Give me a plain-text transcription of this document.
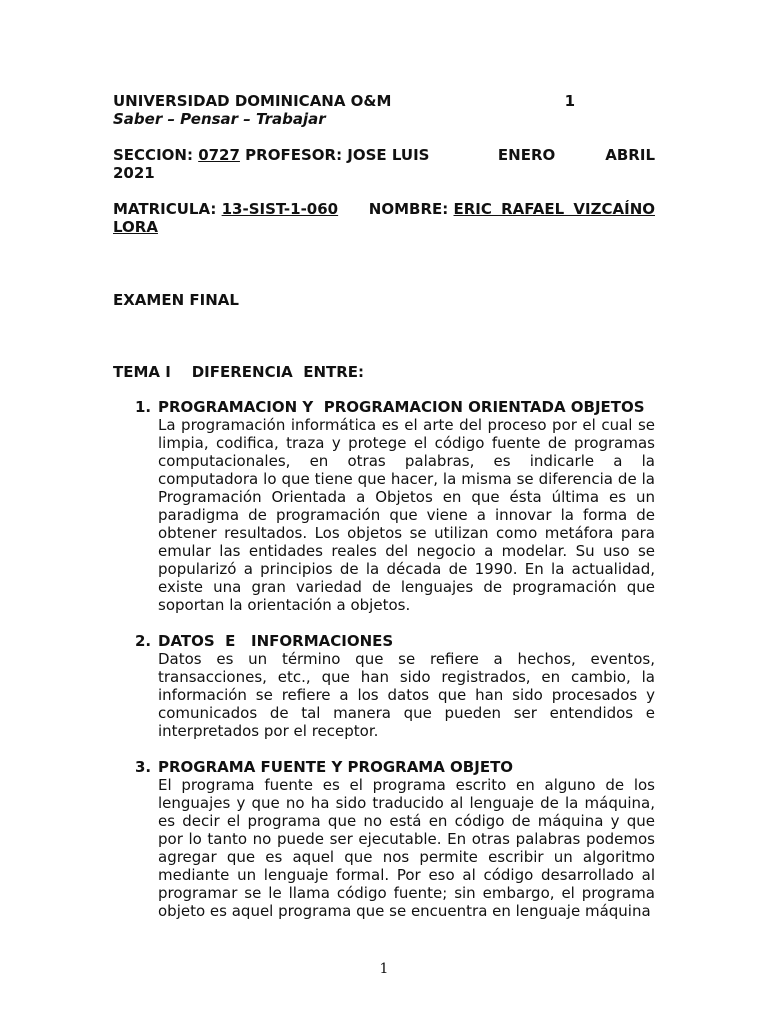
UNIVERSIDAD DOMINICANA O&M	1
Saber – Pensar – Trabajar
SECCION: 0727 PROFESOR: JOSE LUIS	ENERO	ABRIL
2021
MATRICULA: 13-SIST-1-060 NOMBRE: ERIC RAFAEL VIZCAÍNO
LORA
EXAMEN FINAL
TEMA I    DIFERENCIA  ENTRE:
1. PROGRAMACION Y  PROGRAMACION ORIENTADA OBJETOS
La programación informática es el arte del proceso por el cual se limpia, codifica, traza y protege el código fuente de programas computacionales, en otras palabras, es indicarle a la computadora lo que tiene que hacer, la misma se diferencia de la Programación Orientada a Objetos en que ésta última es un paradigma de programación que viene a innovar la forma de obtener resultados. Los objetos se utilizan como metáfora para emular las entidades reales del negocio a modelar. Su uso se popularizó a principios de la década de 1990. En la actualidad, existe una gran variedad de lenguajes de programación que soportan la orientación a objetos.
2. DATOS  E   INFORMACIONES
Datos es un término que se refiere a hechos, eventos, transacciones, etc., que han sido registrados, en cambio, la información se refiere a los datos que han sido procesados y comunicados de tal manera que pueden ser entendidos e interpretados por el receptor.
3. PROGRAMA FUENTE Y PROGRAMA OBJETO
El programa fuente es el programa escrito en alguno de los lenguajes y que no ha sido traducido al lenguaje de la máquina, es decir el programa que no está en código de máquina y que por lo tanto no puede ser ejecutable. En otras palabras podemos agregar que es aquel que nos permite escribir un algoritmo mediante un lenguaje formal. Por eso al código desarrollado al programar se le llama código fuente; sin embargo, el programa objeto es aquel programa que se encuentra en lenguaje máquina
1
